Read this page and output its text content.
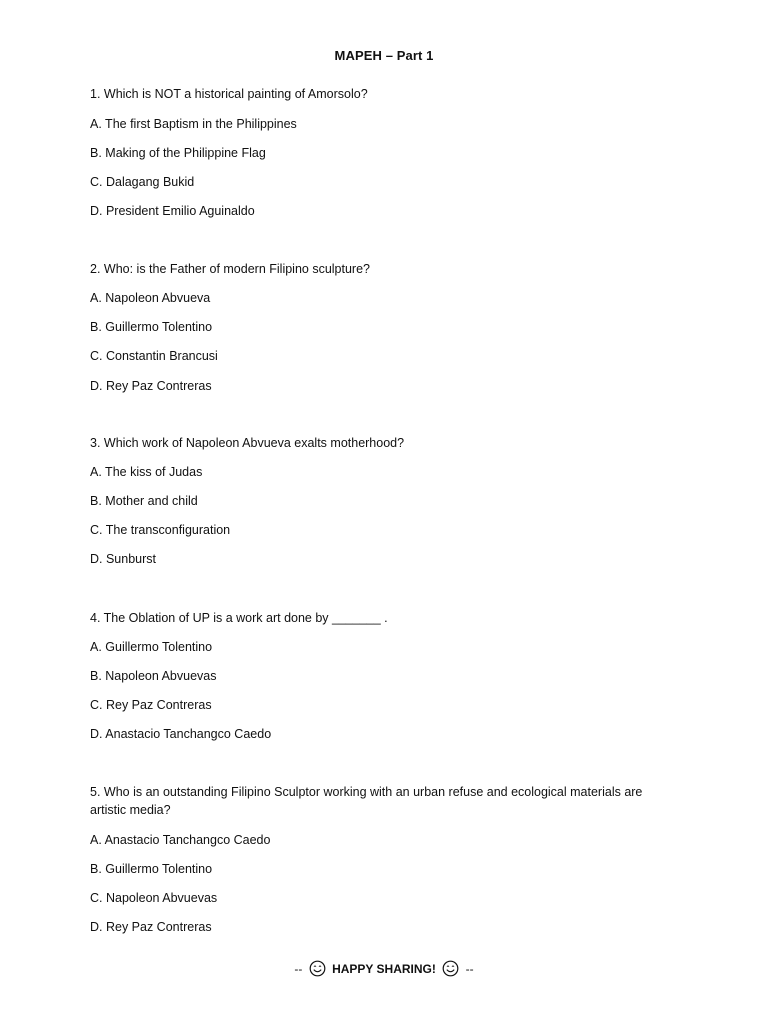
MAPEH – Part 1
1. Which is NOT a historical painting of Amorsolo?
A. The first Baptism in the Philippines
B. Making of the Philippine Flag
C. Dalagang Bukid
D. President Emilio Aguinaldo
2. Who: is the Father of modern Filipino sculpture?
A. Napoleon Abvueva
B. Guillermo Tolentino
C. Constantin Brancusi
D. Rey Paz Contreras
3. Which work of Napoleon Abvueva exalts motherhood?
A. The kiss of Judas
B. Mother and child
C. The transconfiguration
D. Sunburst
4. The Oblation of UP is a work art done by _______ .
A. Guillermo Tolentino
B. Napoleon Abvuevas
C. Rey Paz Contreras
D. Anastacio Tanchangco Caedo
5. Who is an outstanding Filipino Sculptor working with an urban refuse and ecological materials are artistic media?
A. Anastacio Tanchangco Caedo
B. Guillermo Tolentino
C. Napoleon Abvuevas
D. Rey Paz Contreras
-- HAPPY SHARING! --
